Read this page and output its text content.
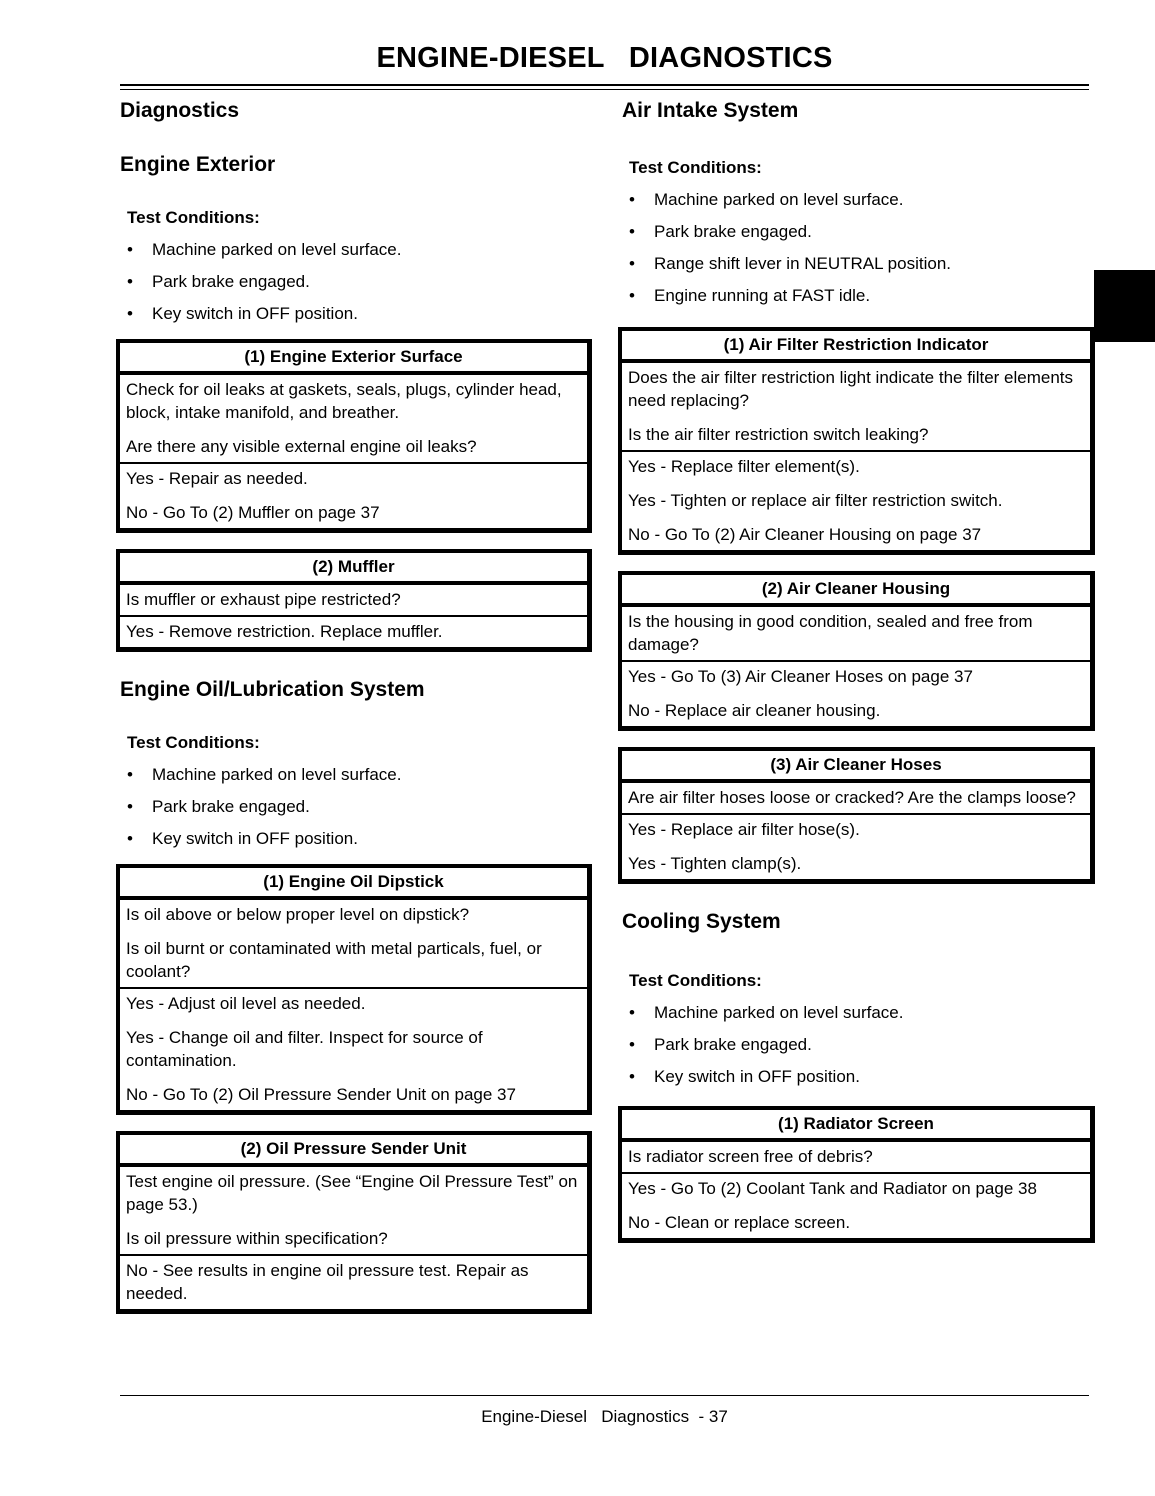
ENGINE-DIESEL   DIAGNOSTICS
Diagnostics
Engine Exterior

Test Conditions:

• Machine parked on level surface.
• Park brake engaged.
• Key switch in OFF position.
(1) Engine Exterior Surface

Check for oil leaks at gaskets, seals, plugs, cylinder head, block, intake manifold, and breather.

Are there any visible external engine oil leaks?

Yes - Repair as needed.

No - Go To (2) Muffler on page 37

(2) Muffler

Is muffler or exhaust pipe restricted?

Yes - Remove restriction. Replace muffler.

Engine Oil/Lubrication System

Test Conditions:

• Machine parked on level surface.
• Park brake engaged.
• Key switch in OFF position.
(1) Engine Oil Dipstick

Is oil above or below proper level on dipstick?

Is oil burnt or contaminated with metal particals, fuel, or coolant?

Yes - Adjust oil level as needed.

Yes - Change oil and filter. Inspect for source of contamination.

No - Go To (2) Oil Pressure Sender Unit on page 37

(2) Oil Pressure Sender Unit

Test engine oil pressure. (See “Engine Oil Pressure Test” on page 53.)

Is oil pressure within specification?

No - See results in engine oil pressure test. Repair as needed.

Air Intake System

Test Conditions:

• Machine parked on level surface.
• Park brake engaged.
• Range shift lever in NEUTRAL position.
• Engine running at FAST idle.
(1) Air Filter Restriction Indicator

Does the air filter restriction light indicate the filter elements need replacing?

Is the air filter restriction switch leaking?

Yes - Replace filter element(s).

Yes - Tighten or replace air filter restriction switch.

No - Go To (2) Air Cleaner Housing on page 37

(2) Air Cleaner Housing

Is the housing in good condition, sealed and free from damage?

Yes - Go To (3) Air Cleaner Hoses on page 37

No - Replace air cleaner housing.

(3) Air Cleaner Hoses

Are air filter hoses loose or cracked? Are the clamps loose?

Yes - Replace air filter hose(s).

Yes - Tighten clamp(s).

Cooling System

Test Conditions:

• Machine parked on level surface.
• Park brake engaged.
• Key switch in OFF position.
(1) Radiator Screen

Is radiator screen free of debris?

Yes - Go To (2) Coolant Tank and Radiator on page 38

No - Clean or replace screen.

Engine-Diesel   Diagnostics  - 37
